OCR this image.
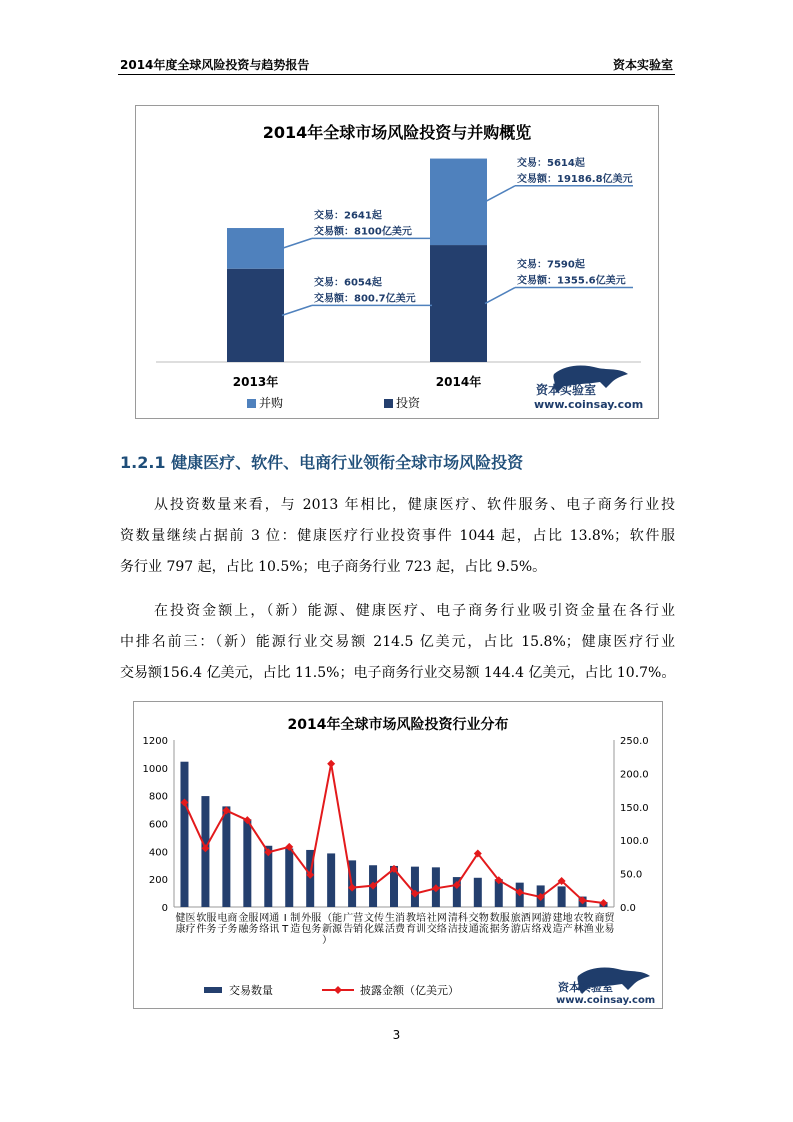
2014年度全球风险投资与趋势报告	资本实验室
2014年全球市场风险投资与并购概览
2013年
交易：2641起
交易额：8100亿美元
交易：6054起
交易额：800.7亿美元
2014年
交易：5614起
交易额：19186.8亿美元
交易：7590起
交易额：1355.6亿美元
并购	投资
资本实验室
www.coinsay.com
1.2.1 健康医疗、软件、电商行业领衔全球市场风险投资
从投资数量来看，与 2013 年相比，健康医疗、软件服务、电子商务行业投
资数量继续占据前 3 位：健康医疗行业投资事件 1044 起，占比 13.8%；软件服
务行业 797 起，占比 10.5%；电子商务行业 723 起，占比 9.5%。
在投资金额上，（新）能源、健康医疗、电子商务行业吸引资金量在各行业
中排名前三：（新）能源行业交易额 214.5 亿美元，占比 15.8%；健康医疗行业
交易额156.4 亿美元，占比 11.5%；电子商务行业交易额 144.4 亿美元，占比 10.7%。
2014年全球市场风险投资行业分布
0
200
400
600
800
1000
1200
0.0
50.0
100.0
150.0
200.0
250.0
健康
医疗
软件
服务
电子
商务
金融
服务
网络
通讯
I T
制造
外包
服务
（新）
能源
广告
营销
文化
传媒
生活
消费
教育
培训
社交
网络
清洁
科技
交通
物流
数据
服务
旅游
酒店
网络
游戏
建造
地产
农林
牧渔
商业
贸易
交易数量	披露金额（亿美元）	资本实验室
www.coinsay.com
3
